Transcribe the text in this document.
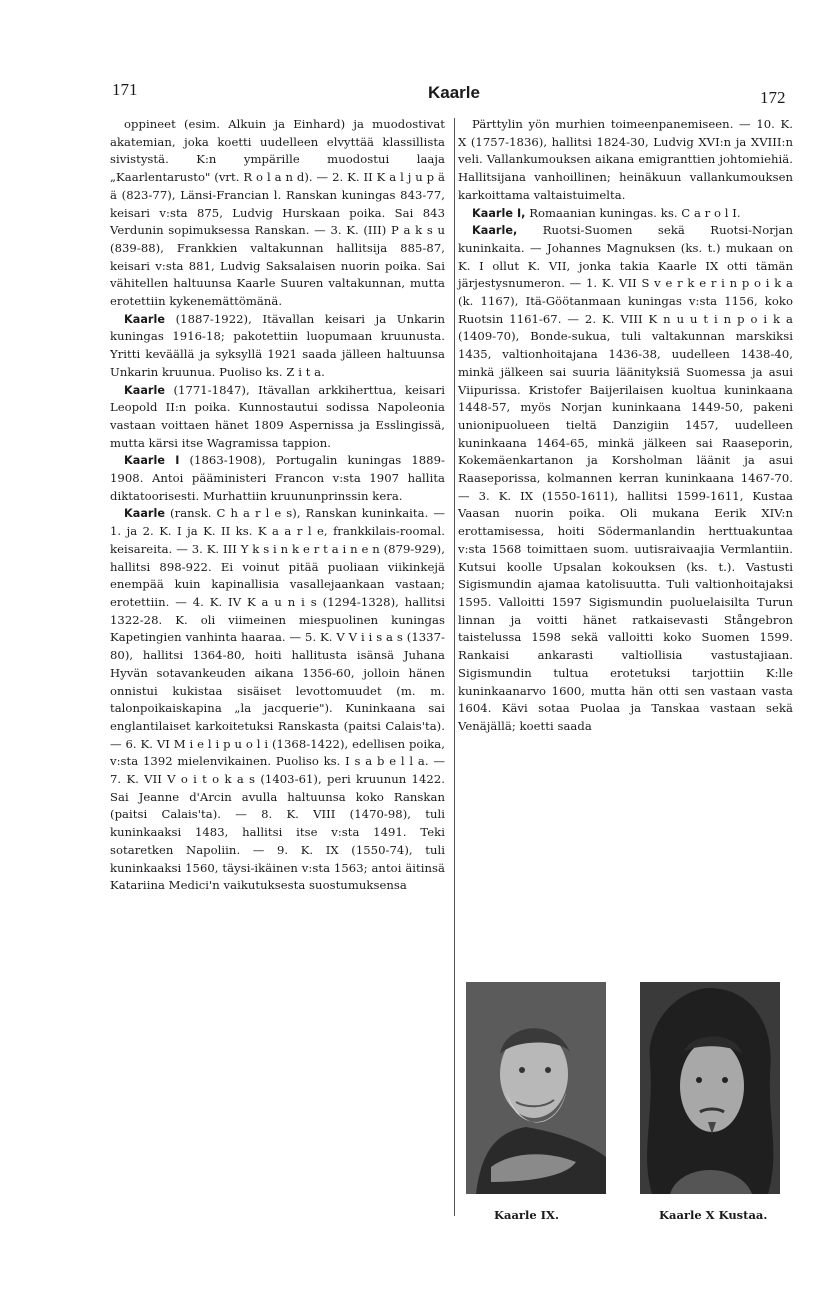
171	Kaarle	172

oppineet (esim. Alkuin ja Einhard) ja muodostivat akatemian, joka koetti uudelleen elvyttää klassillista sivistystä. K:n ympärille muodostui laaja „Kaarlentarusto" (vrt. R o l a n d). — 2. K. II K a l j u p ä ä (823-77), Länsi-Francian l. Ranskan kuningas 843-77, keisari v:sta 875, Ludvig Hurskaan poika. Sai 843 Verdunin sopimuksessa Ranskan. — 3. K. (III) P a k s u (839-88), Frankkien valtakunnan hallitsija 885-87, keisari v:sta 881, Ludvig Saksalaisen nuorin poika. Sai vähitellen haltuunsa Kaarle Suuren valtakunnan, mutta erotettiin kykenemättömänä.

Kaarle (1887-1922), Itävallan keisari ja Unkarin kuningas 1916-18; pakotettiin luopumaan kruunusta. Yritti keväällä ja syksyllä 1921 saada jälleen haltuunsa Unkarin kruunua. Puoliso ks. Z i t a.

Kaarle (1771-1847), Itävallan arkkiherttua, keisari Leopold II:n poika. Kunnostautui sodissa Napoleonia vastaan voittaen hänet 1809 Aspernissa ja Esslingissä, mutta kärsi itse Wagramissa tappion.

Kaarle I (1863-1908), Portugalin kuningas 1889-1908. Antoi pääministeri Francon v:sta 1907 hallita diktatoorisesti. Murhattiin kruununprinssin kera.

Kaarle (ransk. C h a r l e s), Ranskan kuninkaita. — 1. ja 2. K. I ja K. II ks. K a a r l e, frankkilais-roomal. keisareita. — 3. K. III Y k s i n k e r t a i n e n (879-929), hallitsi 898-922. Ei voinut pitää puoliaan viikinkejä enempää kuin kapinallisia vasallejaankaan vastaan; erotettiin. — 4. K. IV K a u n i s (1294-1328), hallitsi 1322-28. K. oli viimeinen miespuolinen kuningas Kapetingien vanhinta haaraa. — 5. K. V V i i s a s (1337-80), hallitsi 1364-80, hoiti hallitusta isänsä Juhana Hyvän sotavankeuden aikana 1356-60, jolloin hänen onnistui kukistaa sisäiset levottomuudet (m. m. talonpoikaiskapina „la jacquerie"). Kuninkaana sai englantilaiset karkoitetuksi Ranskasta (paitsi Calais'ta). — 6. K. VI M i e l i p u o l i (1368-1422), edellisen poika, v:sta 1392 mielenvikainen. Puoliso ks. I s a b e l l a. — 7. K. VII V o i t o k a s (1403-61), peri kruunun 1422. Sai Jeanne d'Arcin avulla haltuunsa koko Ranskan (paitsi Calais'ta). — 8. K. VIII (1470-98), tuli kuninkaaksi 1483, hallitsi itse v:sta 1491. Teki sotaretken Napoliin. — 9. K. IX (1550-74), tuli kuninkaaksi 1560, täysi-ikäinen v:sta 1563; antoi äitinsä Katariina Medici'n vaikutuksesta suostumuksensa

Pärttylin yön murhien toimeenpanemiseen. — 10. K. X (1757-1836), hallitsi 1824-30, Ludvig XVI:n ja XVIII:n veli. Vallankumouksen aikana emigranttien johtomiehiä. Hallitsijana vanhoillinen; heinäkuun vallankumouksen karkoittama valtaistuimelta.

Kaarle I, Romaanian kuningas. ks. C a r o l I.

Kaarle, Ruotsi-Suomen sekä Ruotsi-Norjan kuninkaita. — Johannes Magnuksen (ks. t.) mukaan on K. I ollut K. VII, jonka takia Kaarle IX otti tämän järjestysnumeron. — 1. K. VII S v e r k e r i n p o i k a (k. 1167), Itä-Göötanmaan kuningas v:sta 1156, koko Ruotsin 1161-67. — 2. K. VIII K n u u t i n p o i k a (1409-70), Bonde-sukua, tuli valtakunnan marskiksi 1435, valtionhoitajana 1436-38, uudelleen 1438-40, minkä jälkeen sai suuria läänityksiä Suomessa ja asui Viipurissa. Kristofer Baijerilaisen kuoltua kuninkaana 1448-57, myös Norjan kuninkaana 1449-50, pakeni unionipuolueen tieltä Danzigiin 1457, uudelleen kuninkaana 1464-65, minkä jälkeen sai Raaseporin, Kokemäenkartanon ja Korsholman läänit ja asui Raaseporissa, kolmannen kerran kuninkaana 1467-70. — 3. K. IX (1550-1611), hallitsi 1599-1611, Kustaa Vaasan nuorin poika. Oli mukana Eerik XIV:n erottamisessa, hoiti Södermanlandin herttuakuntaa v:sta 1568 toimittaen suom. uutisraivaajia Vermlantiin. Kutsui koolle Upsalan kokouksen (ks. t.). Vastusti Sigismundin ajamaa katolisuutta. Tuli valtionhoitajaksi 1595. Valloitti 1597 Sigismundin puoluelaisilta Turun linnan ja voitti hänet ratkaisevasti Stångebron taistelussa 1598 sekä valloitti koko Suomen 1599. Rankaisi ankarasti valtiollisia vastustajiaan. Sigismundin tultua erotetuksi tarjottiin K:lle kuninkaanarvo 1600, mutta hän otti sen vastaan vasta 1604. Kävi sotaa Puolaa ja Tanskaa vastaan sekä Venäjällä; koetti saada

Kaarle IX.	Kaarle X Kustaa.
